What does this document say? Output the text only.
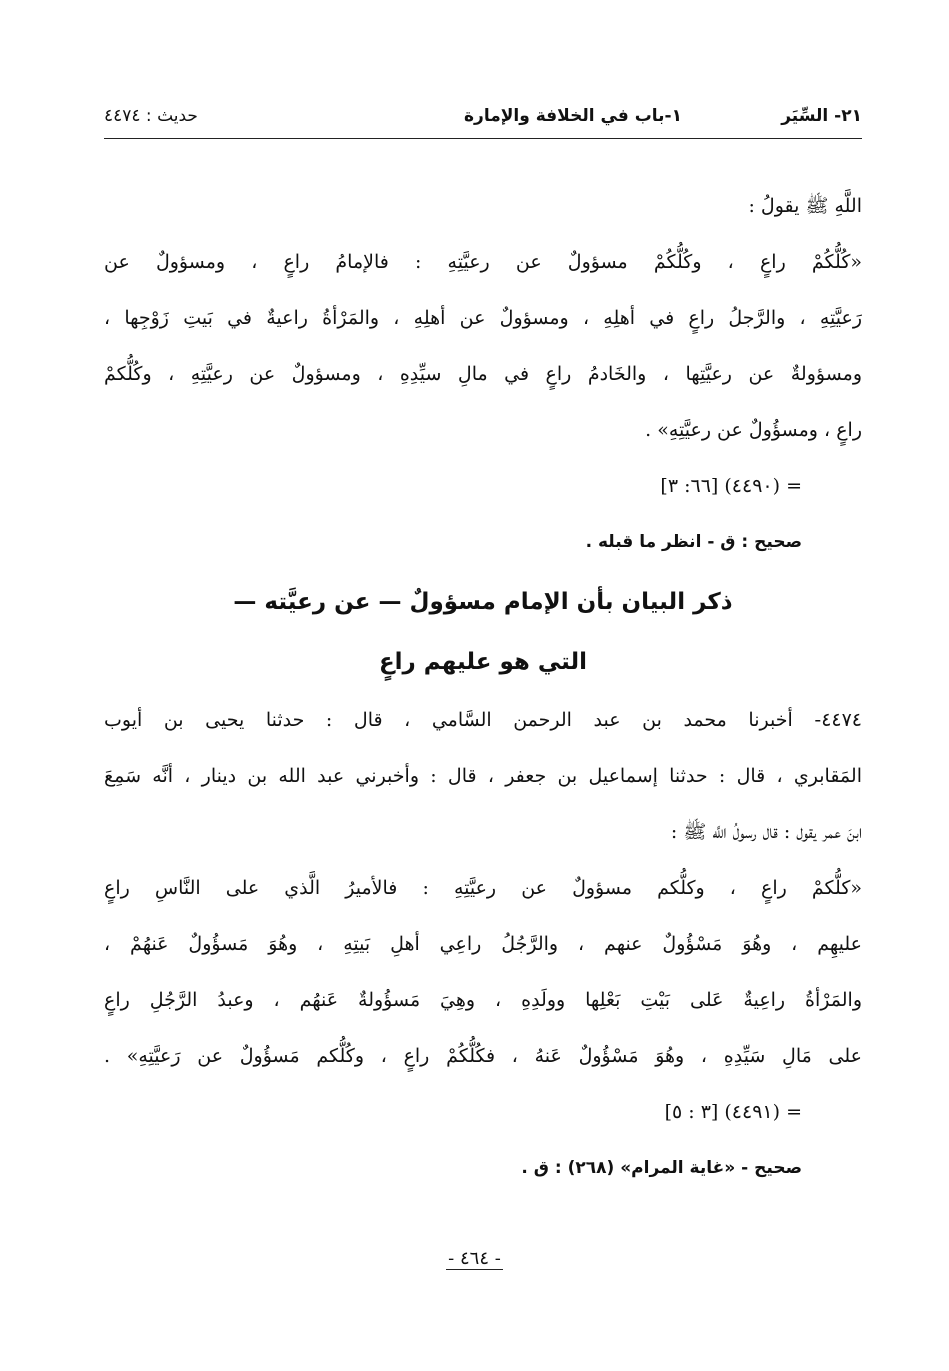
٢١- السِّيَر
١-باب في الخلافة والإمارة
حديث : ٤٤٧٤
اللَّهِ ﷺ يقولُ :
«كُلُّكُمْ راعٍ ، وكُلُّكُمْ مسؤولٌ عن رعيَّتِهِ : فالإمامُ راعٍ ، ومسؤولٌ عن
رَعيَّتِهِ ، والرَّجلُ راعٍ في أهلِهِ ، ومسؤولٌ عن أهلِهِ ، والمَرْأةُ راعيةٌ في بَيتِ زَوْجِها ،
ومسؤولةٌ عن رعيَّتِها ، والخَادمُ راعٍ في مالِ سيِّدِهِ ، ومسؤولٌ عن رعيَّتِهِ ، وكُلُّكمْ
راعٍ ، ومسؤُولٌ عن رعيَّتِهِ» .
= (٤٤٩٠) [٦٦: ٣]
صحيح : ق - انظر ما قبله .
ذكر البيان بأن الإمام مسؤولٌ — عن رعيَّته —
التي هو عليهم راعٍ
٤٤٧٤- أخبرنا محمد بن عبد الرحمن السَّامي ، قال : حدثنا يحيى بن أيوب
المَقابري ، قال : حدثنا إسماعيل بن جعفر ، قال : وأخبرني عبد الله بن دينار ، أنَّه سَمِعَ
ابنَ عمر يقول : قال رسولُ اللَّه ﷺ :
«كلُّكمْ راعٍ ، وكلُّكم مسؤولٌ عن رعيَّتِهِ : فالأميرُ الَّذي على النَّاسِ راعٍ
عليهِم ، وهُوَ مَسْؤُولٌ عنهم ، والرَّجُلُ راعِي أهلِ بَيتِهِ ، وهُوَ مَسؤُولٌ عَنهُمْ ،
والمَرْأةُ راعِيةٌ عَلى بَيْتِ بَعْلِها وولَدِهِ ، وهِيَ مَسؤُولةٌ عَنهُم ، وعبدُ الرَّجُلِ راعٍ
على مَالِ سَيِّدِهِ ، وهُوَ مَسْؤُولٌ عَنهُ ، فكُلُّكُمْ راعٍ ، وكُلُّكم مَسؤُولٌ عن رَعيَّتِهِ» .
= (٤٤٩١) [٣ : ٥]
صحيح - «غاية المرام» (٢٦٨) : ق .
- ٤٦٤ -
